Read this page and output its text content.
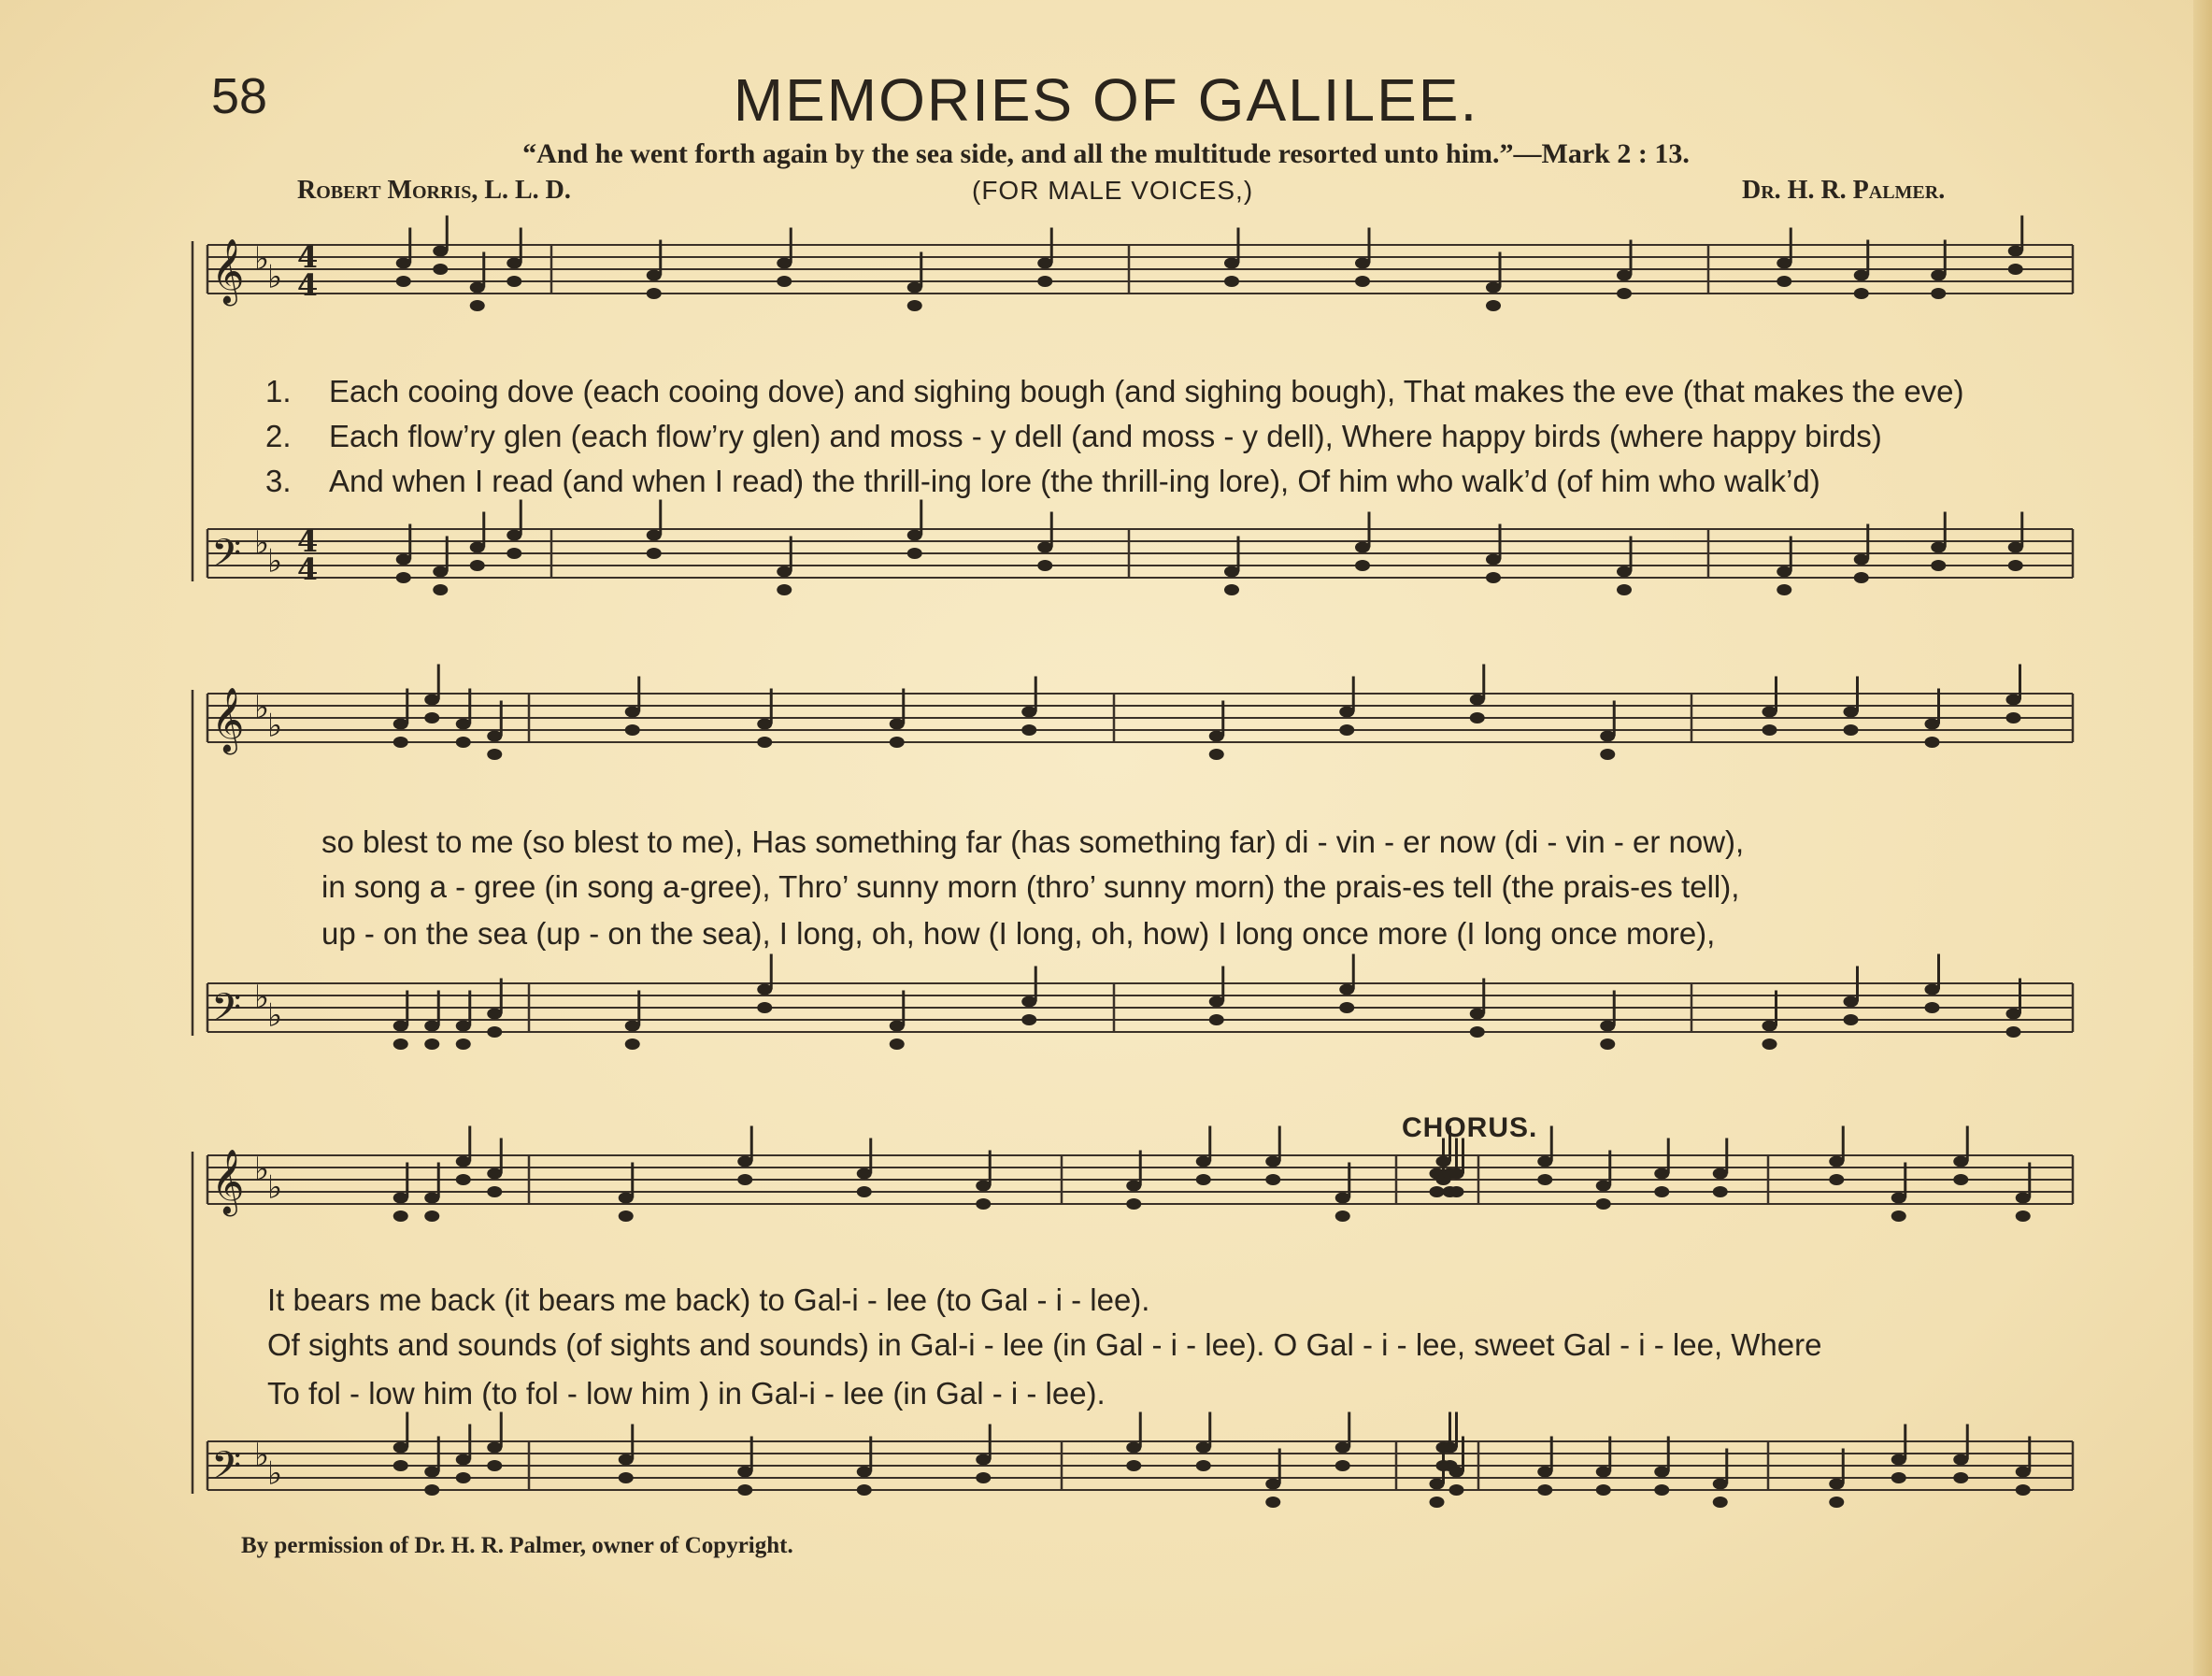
58	MEMORIES OF GALILEE.
“And he went forth again by the sea side, and all the multitude resorted unto him.”—Mark 2 : 13.
Robert Morris, L. L. D.	(FOR MALE VOICES,)	Dr. H. R. Palmer.
CHORUS.
1. Each cooing dove (each cooing dove) and sighing bough (and sighing bough), That makes the eve (that makes the eve)
2. Each flow’ry glen (each flow’ry glen) and moss - y dell (and moss - y dell), Where happy birds (where happy birds)
3. And when I read (and when I read) the thrill-ing lore (the thrill-ing lore), Of him who walk’d (of him who walk’d)
so blest to me (so blest to me), Has something far (has something far) di - vin - er now (di - vin - er now),
in song a - gree (in song a-gree), Thro’ sunny morn (thro’ sunny morn) the prais-es tell (the prais-es tell),
up - on the sea (up - on the sea), I long, oh, how (I long, oh, how) I long once more (I long once more),
It bears me back (it bears me back) to Gal-i - lee (to Gal - i - lee).
Of sights and sounds (of sights and sounds) in Gal-i - lee (in Gal - i - lee). O Gal - i - lee, sweet Gal - i - lee, Where
To fol - low him (to fol - low him ) in Gal-i - lee (in Gal - i - lee).
By permission of Dr. H. R. Palmer, owner of Copyright.
𝄞 ♭
♭
4
4
𝄢 ♭
♭
4
4
𝄞 ♭
♭
𝄢 ♭
♭
𝄞 ♭
♭
𝄢 ♭
♭
